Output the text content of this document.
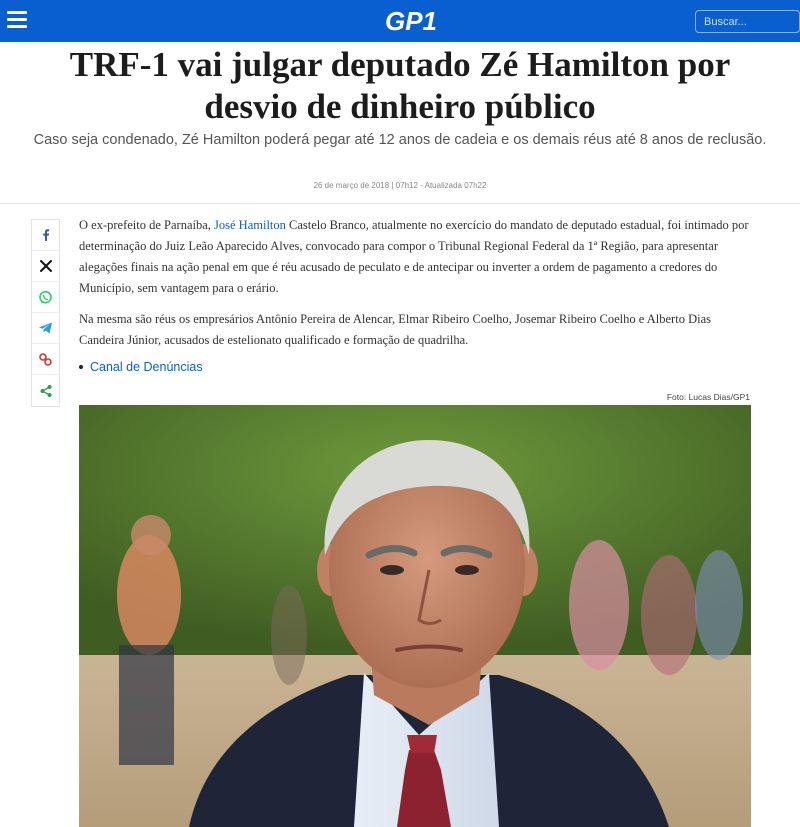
GP1
Buscar...
TRF-1 vai julgar deputado Zé Hamilton por desvio de dinheiro público

Caso seja condenado, Zé Hamilton poderá pegar até 12 anos de cadeia e os demais réus até 8 anos de reclusão.

26 de março de 2018 | 07h12 - Atualizada 07h22

O ex-prefeito de Parnaíba, José Hamilton Castelo Branco, atualmente no exercício do mandato de deputado estadual, foi intimado por determinação do Juiz Leão Aparecido Alves, convocado para compor o Tribunal Regional Federal da 1ª Região, para apresentar alegações finais na ação penal em que é réu acusado de peculato e de antecipar ou inverter a ordem de pagamento a credores do Município, sem vantagem para o erário.

Na mesma são réus os empresários Antônio Pereira de Alencar, Elmar Ribeiro Coelho, Josemar Ribeiro Coelho e Alberto Dias Candeira Júnior, acusados de estelionato qualificado e formação de quadrilha.

Canal de Denúncias
Foto: Lucas Dias/GP1
